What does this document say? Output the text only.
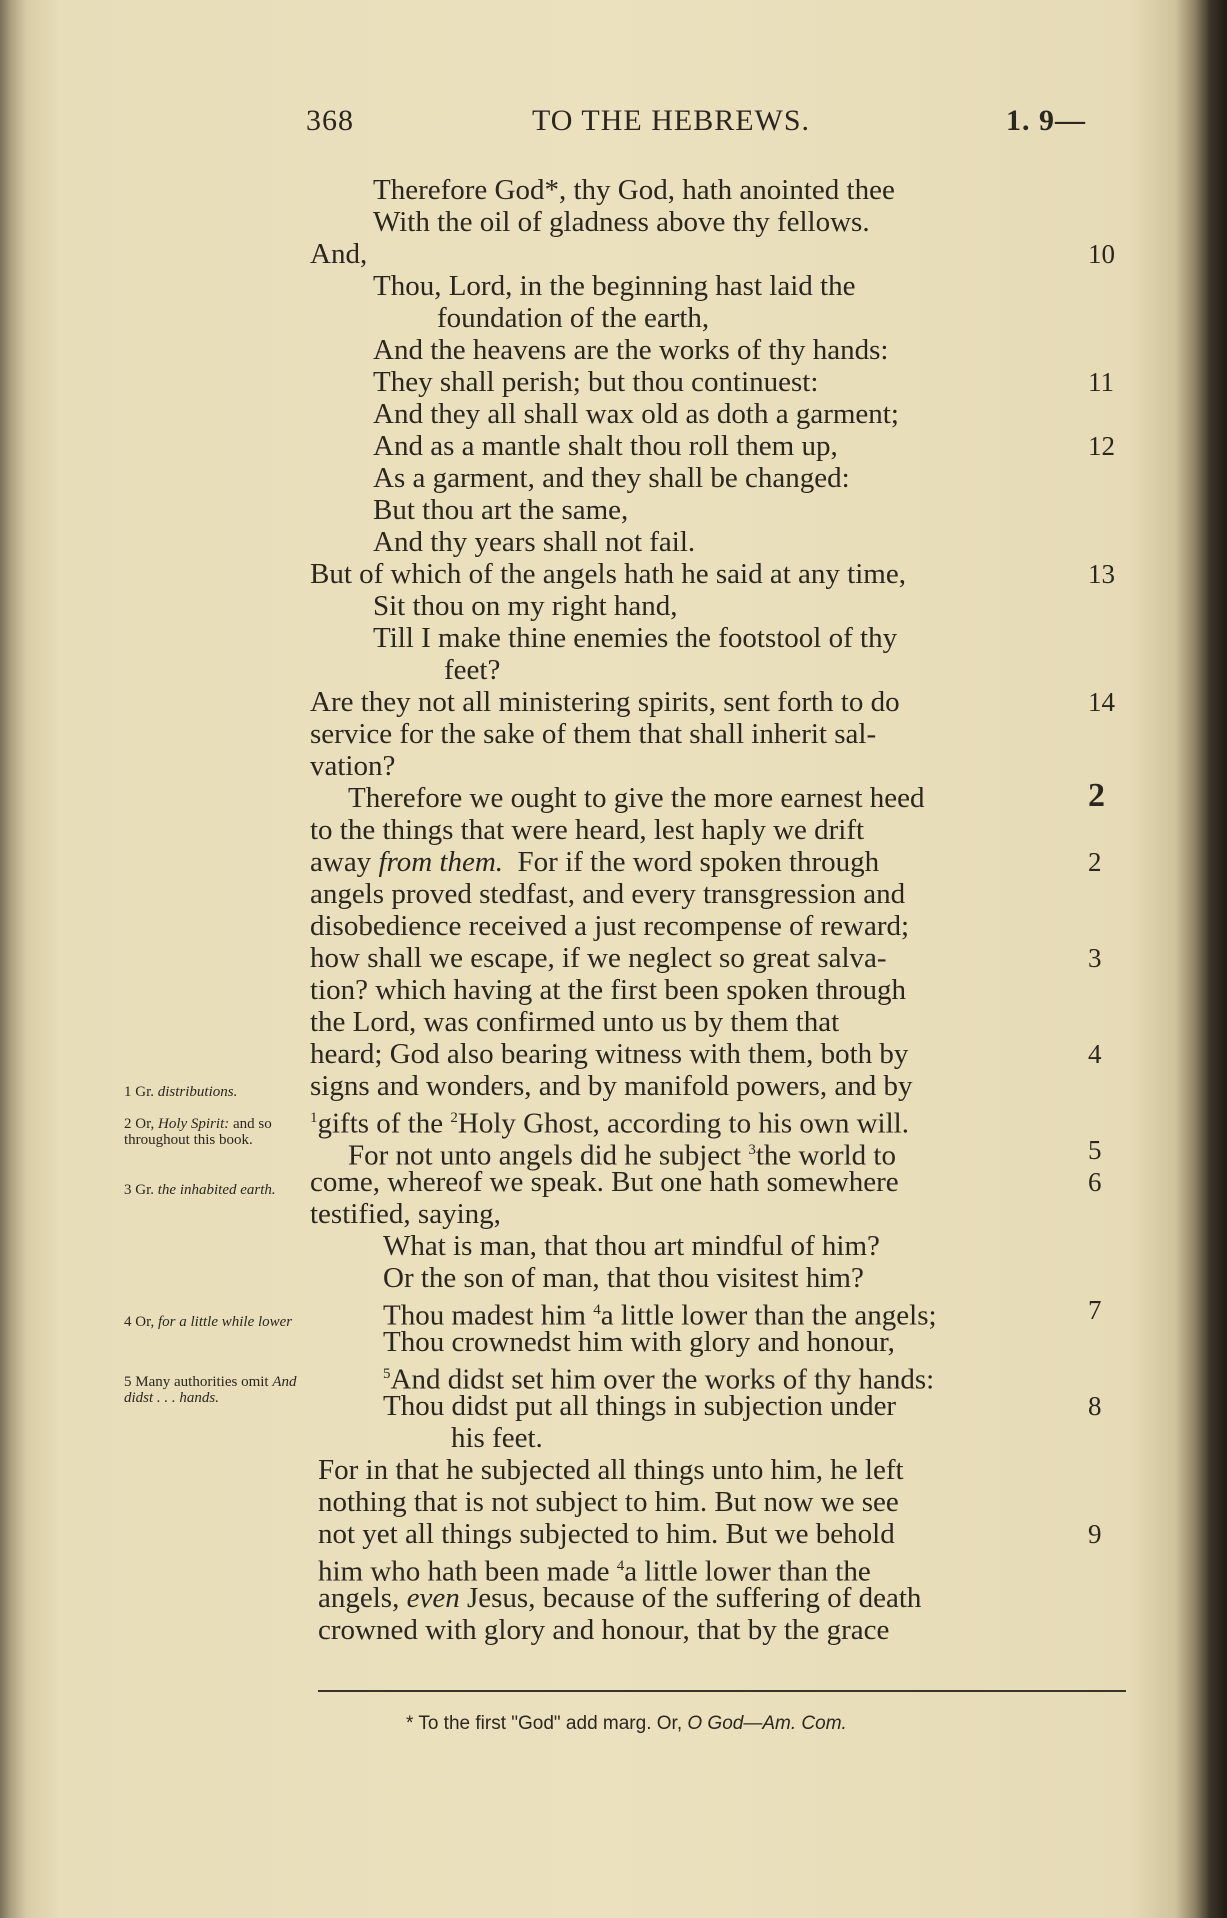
368	TO THE HEBREWS.	1. 9—
Therefore God*, thy God, hath anointed thee
With the oil of gladness above thy fellows.
And,
Thou, Lord, in the beginning hast laid the
foundation of the earth,
And the heavens are the works of thy hands:
They shall perish; but thou continuest:
And they all shall wax old as doth a garment;
And as a mantle shalt thou roll them up,
As a garment, and they shall be changed:
But thou art the same,
And thy years shall not fail.
But of which of the angels hath he said at any time,
Sit thou on my right hand,
Till I make thine enemies the footstool of thy
feet?
Are they not all ministering spirits, sent forth to do
service for the sake of them that shall inherit sal-
vation?
Therefore we ought to give the more earnest heed
to the things that were heard, lest haply we drift
away from them. For if the word spoken through
angels proved stedfast, and every transgression and
disobedience received a just recompense of reward;
how shall we escape, if we neglect so great salva-
tion? which having at the first been spoken through
the Lord, was confirmed unto us by them that
heard; God also bearing witness with them, both by
signs and wonders, and by manifold powers, and by
$^1$gifts of the $^2$Holy Ghost, according to his own will.
For not unto angels did he subject $^3$the world to
come, whereof we speak. But one hath somewhere
testified, saying,
What is man, that thou art mindful of him?
Or the son of man, that thou visitest him?
Thou madest him $^4$a little lower than the angels;
Thou crownedst him with glory and honour,
$^5$And didst set him over the works of thy hands:
Thou didst put all things in subjection under
his feet.
For in that he subjected all things unto him, he left
nothing that is not subject to him. But now we see
not yet all things subjected to him. But we behold
him who hath been made $^4$a little lower than the
angels, even Jesus, because of the suffering of death
crowned with glory and honour, that by the grace
10
11
12
13
14
2
2
3
4
5
6
7
8
9
1 Gr. distributions.
2 Or, Holy Spirit: and so throughout this book.
3 Gr. the inhabited earth.
4 Or, for a little while lower
5 Many authorities omit And didst . . . hands.
* To the first "God" add marg. Or, O God—Am. Com.
